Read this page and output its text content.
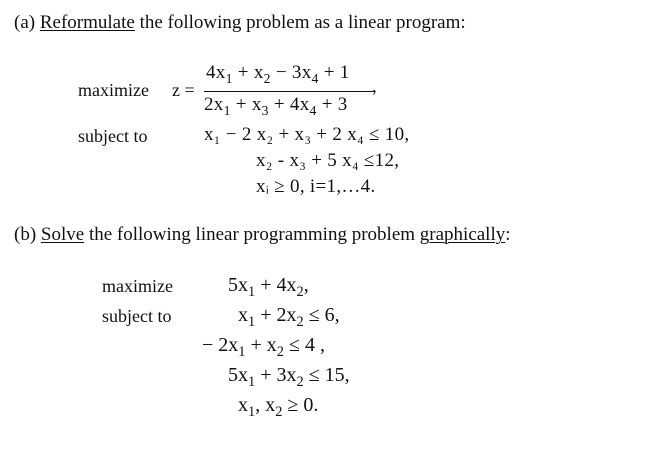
(a) Reformulate the following problem as a linear program:
maximize z =
$4x_1 + x_2 - 3x_4 + 1$
$2x_1 + x_3 + 4x_4 + 3$
,
subject to	x₁ − 2 x₂ + x₃ + 2 x₄ ≤ 10,
x₂ - x₃ + 5 x₄ ≤12,
xᵢ ≥ 0, i=1,…4.
(b) Solve the following linear programming problem graphically:
maximize
subject to
$5x_1 + 4x_2$,
$x_1 + 2x_2 \le 6$,
− $2x_1 + x_2 \le 4$ ,
$5x_1 + 3x_2 \le 15$,
$x_1$, $x_2 \ge 0$.
